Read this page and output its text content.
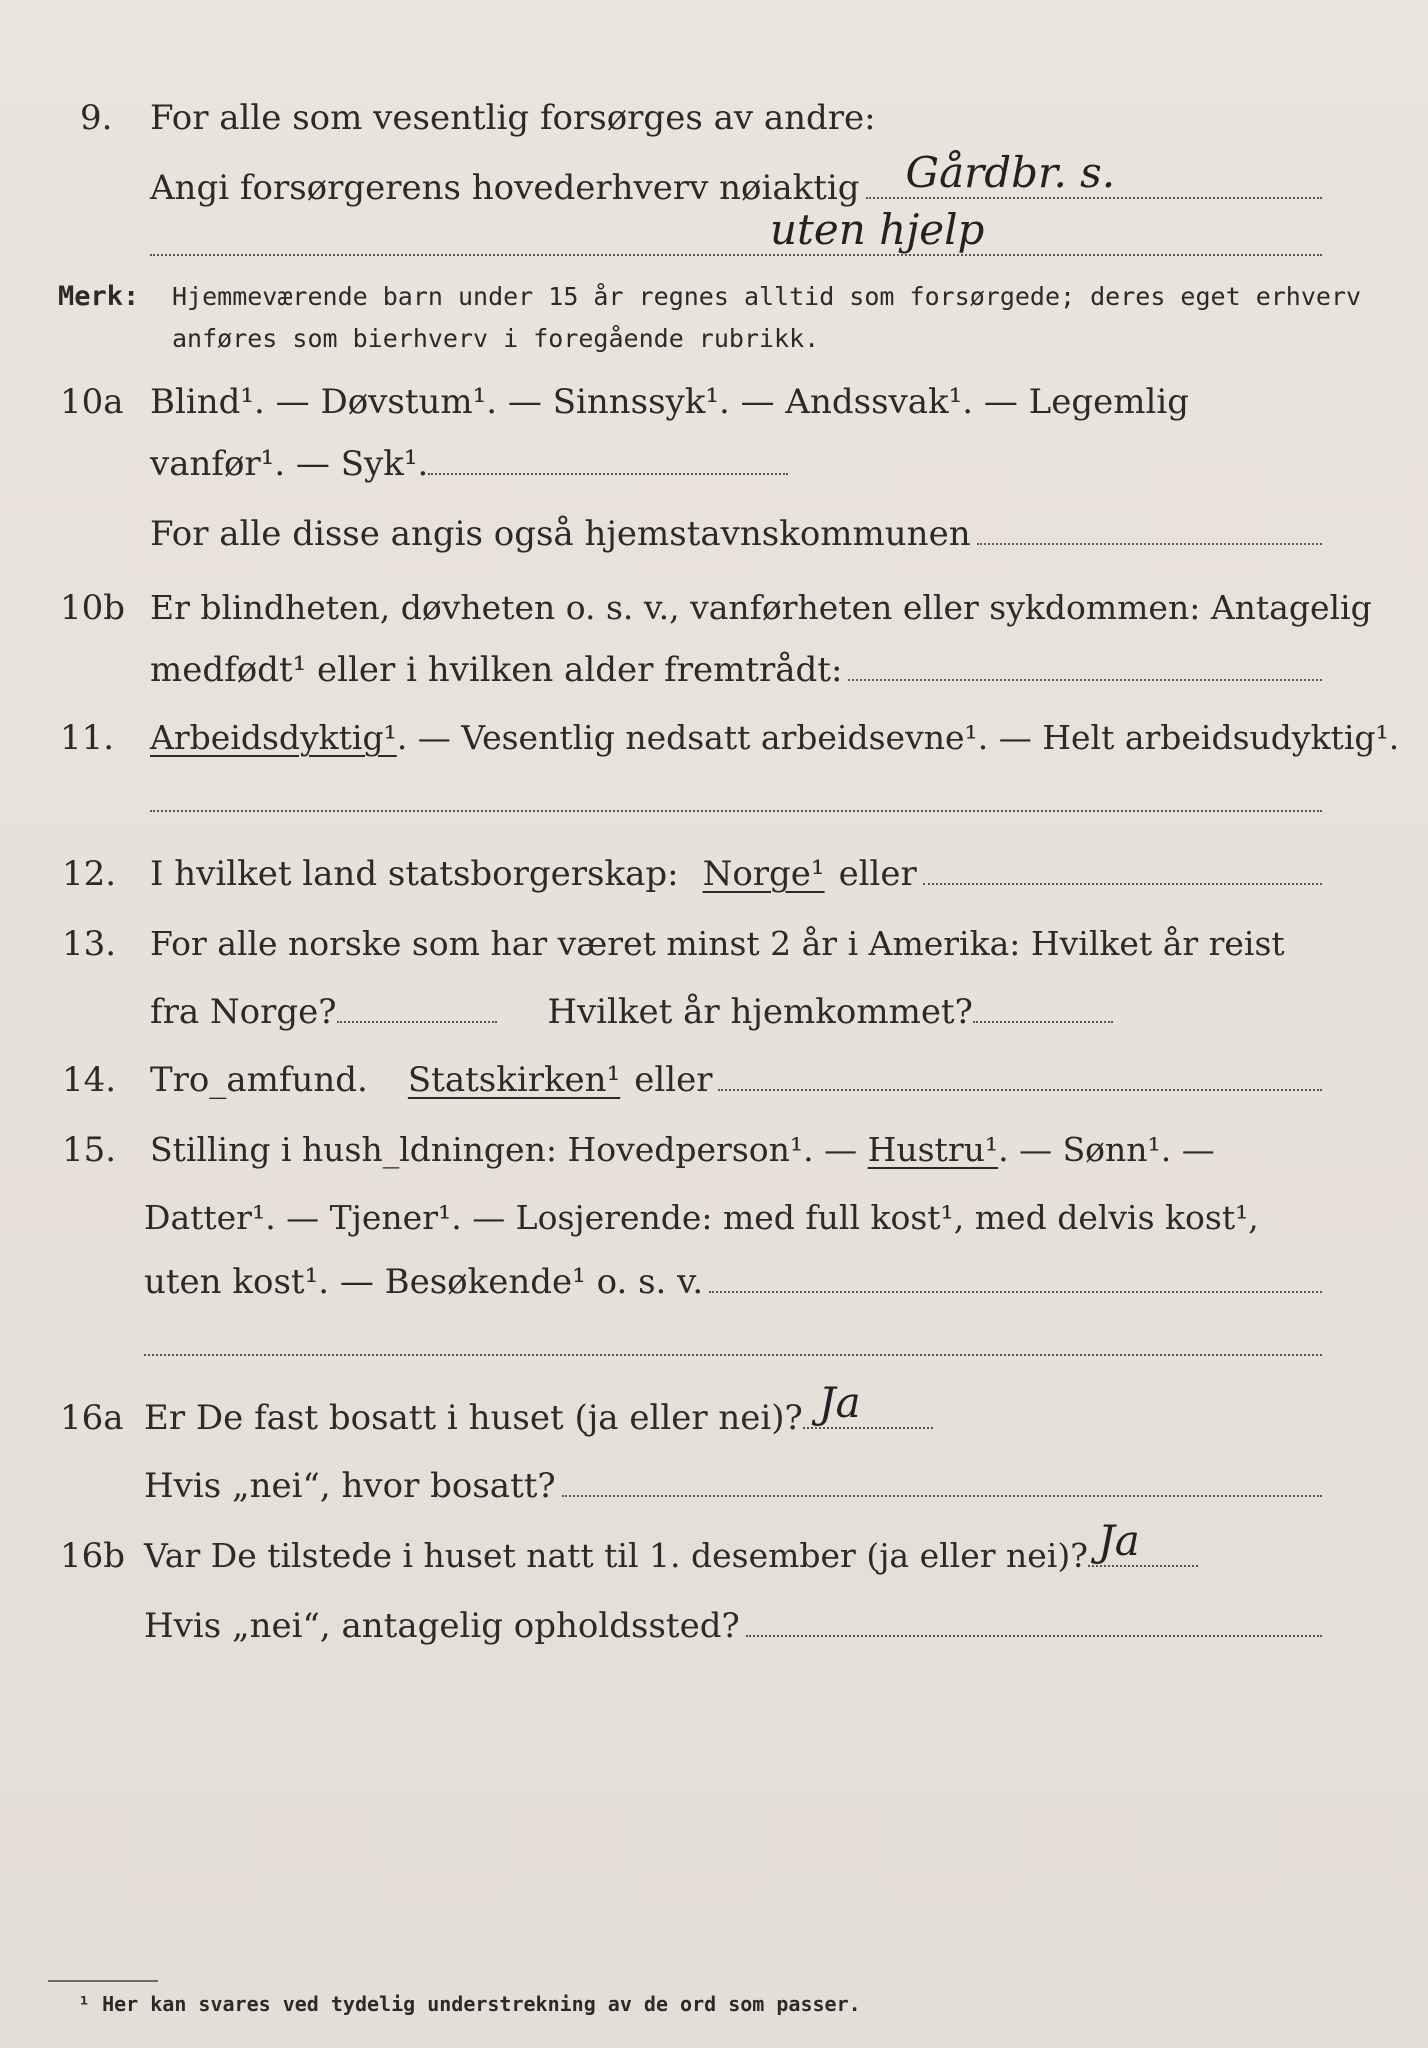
9. For alle som vesentlig forsørges av andre:
Angi forsørgerens hovederhverv nøiaktig Gårdbr. s.
uten hjelp
Merk: Hjemmeværende barn under 15 år regnes alltid som forsørgede; deres eget erhverv
anføres som bierhverv i foregående rubrikk.
10a Blind¹. — Døvstum¹. — Sinnssyk¹. — Andssvak¹. — Legemlig
vanfør¹. — Syk¹.
For alle disse angis også hjemstavnskommunen
10b Er blindheten, døvheten o. s. v., vanførheten eller sykdommen: Antagelig
medfødt¹ eller i hvilken alder fremtrådt:
11. Arbeidsdyktig¹. — Vesentlig nedsatt arbeidsevne¹. — Helt arbeidsudyktig¹.
12. I hvilket land statsborgerskap: Norge¹ eller
13. For alle norske som har været minst 2 år i Amerika: Hvilket år reist
fra Norge?	Hvilket år hjemkommet?
14. Tro_amfund. Statskirken¹ eller
15. Stilling i hush_ldningen: Hovedperson¹. — Hustru¹. — Sønn¹. —
Datter¹. — Tjener¹. — Losjerende: med full kost¹, med delvis kost¹,
uten kost¹. — Besøkende¹ o. s. v.
16a Er De fast bosatt i huset (ja eller nei)? Ja
Hvis „nei“, hvor bosatt?
16b Var De tilstede i huset natt til 1. desember (ja eller nei)? Ja
Hvis „nei“, antagelig opholdssted?
¹ Her kan svares ved tydelig understrekning av de ord som passer.
